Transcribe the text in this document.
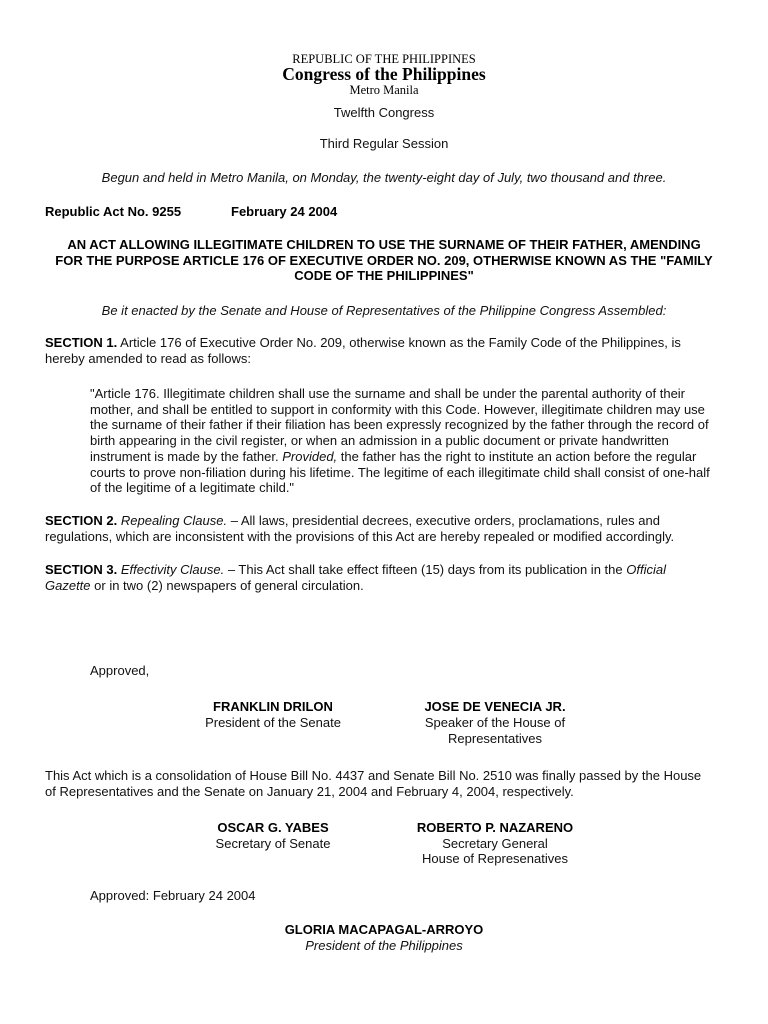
REPUBLIC OF THE PHILIPPINES
Congress of the Philippines
Metro Manila
Twelfth Congress
Third Regular Session
Begun and held in Metro Manila, on Monday, the twenty-eight day of July, two thousand and three.
Republic Act No. 9255	February 24 2004
AN ACT ALLOWING ILLEGITIMATE CHILDREN TO USE THE SURNAME OF THEIR FATHER, AMENDING
FOR THE PURPOSE ARTICLE 176 OF EXECUTIVE ORDER NO. 209, OTHERWISE KNOWN AS THE "FAMILY
CODE OF THE PHILIPPINES"
Be it enacted by the Senate and House of Representatives of the Philippine Congress Assembled:
SECTION 1. Article 176 of Executive Order No. 209, otherwise known as the Family Code of the Philippines, is
hereby amended to read as follows:
"Article 176. Illegitimate children shall use the surname and shall be under the parental authority of their
mother, and shall be entitled to support in conformity with this Code. However, illegitimate children may use
the surname of their father if their filiation has been expressly recognized by the father through the record of
birth appearing in the civil register, or when an admission in a public document or private handwritten
instrument is made by the father. Provided, the father has the right to institute an action before the regular
courts to prove non-filiation during his lifetime. The legitime of each illegitimate child shall consist of one-half
of the legitime of a legitimate child."
SECTION 2. Repealing Clause. – All laws, presidential decrees, executive orders, proclamations, rules and
regulations, which are inconsistent with the provisions of this Act are hereby repealed or modified accordingly.
SECTION 3. Effectivity Clause. – This Act shall take effect fifteen (15) days from its publication in the Official
Gazette or in two (2) newspapers of general circulation.
Approved,
FRANKLIN DRILON
President of the Senate
JOSE DE VENECIA JR.
Speaker of the House of
Representatives
This Act which is a consolidation of House Bill No. 4437 and Senate Bill No. 2510 was finally passed by the House
of Representatives and the Senate on January 21, 2004 and February 4, 2004, respectively.
OSCAR G. YABES
Secretary of Senate
ROBERTO P. NAZARENO
Secretary General
House of Represenatives
Approved: February 24 2004
GLORIA MACAPAGAL-ARROYO
President of the Philippines
